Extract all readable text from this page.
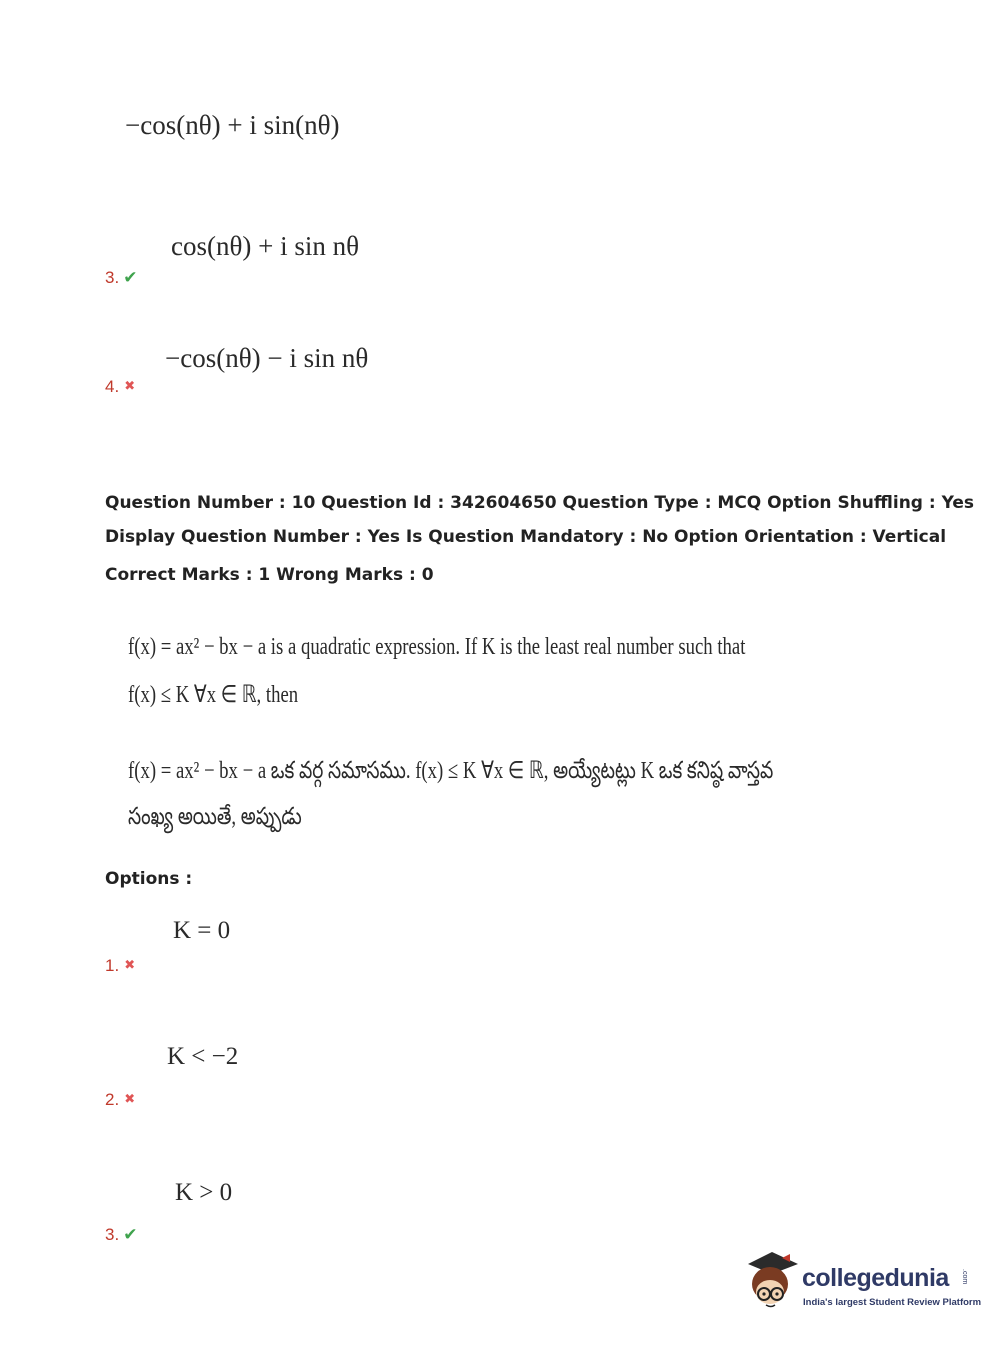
−cos(nθ) + i sin(nθ)
cos(nθ) + i sin nθ
3. ✔
−cos(nθ) − i sin nθ
4. ✖
Question Number : 10 Question Id : 342604650 Question Type : MCQ Option Shuffling : Yes
Display Question Number : Yes Is Question Mandatory : No Option Orientation : Vertical
Correct Marks : 1 Wrong Marks : 0
f(x) = ax² − bx − a is a quadratic expression. If K is the least real number such that
f(x) ≤ K ∀x ∈ ℝ, then
f(x) = ax² − bx − a ఒక వర్గ సమాసము. f(x) ≤ K ∀x ∈ ℝ, అయ్యేటట్లు K ఒక కనిష్ఠ వాస్తవ
సంఖ్య అయితే, అప్పుడు
Options :
K = 0
1. ✖
K < −2
2. ✖
K > 0
3. ✔
collegedunia .com
India's largest Student Review Platform
